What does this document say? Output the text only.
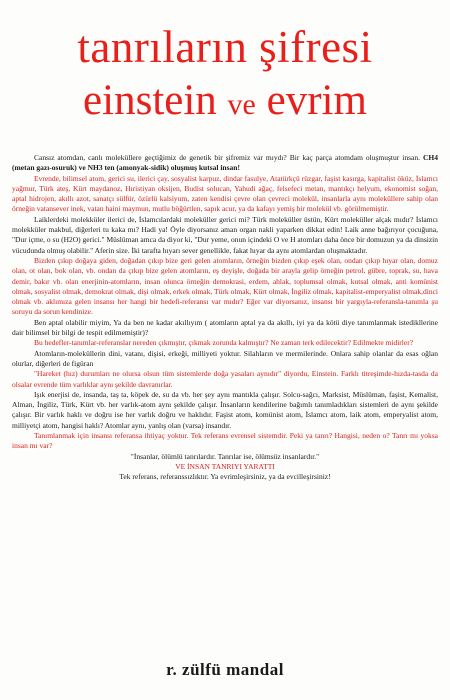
tanrıların şifresi
einstein ve evrim

Cansız atomdan, canlı moleküllere geçtiğimiz de genetik bir şifremiz var mıydı? Bir kaç parça atomdam oluşmuştur insan. CH4 (metan gazı-osuruk) ve NH3 ten (amonyak-sidik) oluşmuş kutsal insan!

Evrende, bilimsel atom, gerici su, ilerici çay, sosyalist karpuz, dindar fasulye, Atatürkçü rüzgar, faşist kasırga, kapitalist öküz, İslamcı yağmur, Türk ateş, Kürt maydanoz, Hıristiyan oksijen, Budist solucan, Yahudi ağaç, felsefeci metan, mantıkçı helyum, ekonomist soğan, aptal hidrojen, akıllı azot, sanatçı sülfür, özürlü kalsiyum, zaten kendisi çevre olan çevreci molekül, insanlarla aynı moleküllere sahip olan örneğin vatansever inek, vatan haini maymun, mutlu böğürtlen, sapık acur, ya da kafayı yemiş bir molekül vb. görülmemiştir.

Laiklerdeki molekküler ilerici de, İslamcılardaki moleküller gerici mi? Türk moleküller üstün, Kürt moleküller alçak mıdır? İslamcı molekküler makbul, diğerleri tu kaka mı? Hadi ya! Öyle diyorsanız aman organ nakli yaparken dikkat edin! Laik anne bağırıyor çocuğuna, "Dur içme, o su (H2O) gerici." Müslüman amca da diyor ki, "Dur yeme, onun içindeki O ve H atomları daha önce bir domuzun ya da dinsizin vücudunda olmuş olabilir." Aferin size. İki tarafta hıyarı sever genellikle, fakat hıyar da aynı atomlardan oluşmaktadır.

Bizden çıkıp doğaya giden, doğadan çıkıp bize geri gelen atomların, örneğin bizden çıkıp eşek olan, ondan çıkıp hıyar olan, domuz olan, ot olan, bok olan, vb. ondan da çıkıp bize gelen atomların, eş deyişle, doğada bir arayla gelip örneğin petrol, gübre, toprak, su, hava demir, bakır vb. olan enerjinin-atomların, insan olunca örneğin demokrasi, erdem, ahlak, toplumsal olmak, kutsal olmak, anti komünist olmak, sosyalist olmak, demokrat olmak, dişi olmak, erkek olmak, Türk olmak, Kürt olmak, İngiliz olmak, kapitalist-emperyalist olmak,dinci olmak vb. aklımıza gelen insansı her hangi bir hedefi-referansı var mıdır? Eğer var diyorsanız, insansı bir yargıyla-referansla-tanımla şu soruyu da sorun kendinize.

Ben aptal olabilir miyim, Ya da ben ne kadar akıllıyım ( atomların aptal ya da akıllı, iyi ya da kötü diye tanımlanmak istedikllerine dair bilimsel bir bilgi de tespit edilmemiştir)?

Bu hedefler-tanımlar-referanslar nereden çıkmıştır, çıkmak zorunda kalmıştır? Ne zaman terk edilecektir? Edilmekte midirler?

Atomların-moleküllerin dini, vatanı, dişisi, erkeği, milliyeti yoktur. Silahların ve mermilerinde. Onlara sahip olanlar da esas oğlan olurlar, diğerleri de figüran

"Hareket (hız) durumları ne olursa olsun tüm sistemlerde doğa yasaları aynıdır" diyordu, Einstein. Farklı titreşimde-hızda-tasda da olsalar evrende tüm varlıklar aynı şekilde davranırlar.

Işık enerjisi de, insanda, taş ta, köpek de, su da vb. her şey aynı mantıkla çalışır. Solcu-sağcı, Marksist, Müslüman, faşist, Kemalist, Alman, İngiliz, Türk, Kürt vb. her varlık-atom aynı şekilde çalışır. İnsanların kendilerine bağımlı tanımladıkları sistemleri de aynı şekilde çalışır. Bir varlık haklı ve doğru ise her varlık doğru ve haklıdır. Faşist atom, komünist atom, İslamcı atom, laik atom, emperyalist atom, milliyetçi atom, hangisi haklı? Atomlar aynı, yanlış olan (varsa) insandır.

Tanımlanmak için insansı referansa ihtiyaç yoktur. Tek referans evrensel sistemdir. Peki ya tanrı? Hangisi, neden o? Tanrı mı yoksa insan mı var?

"İnsanlar, ölümlü tanrılardır. Tanrılar ise, ölümsüz insanlardır."

VE İNSAN TANRIYI YARATTI

Tek referans, referanssızlıktır. Ya evrimleşirsiniz, ya da evcilleşirsiniz!

r. zülfü mandal
